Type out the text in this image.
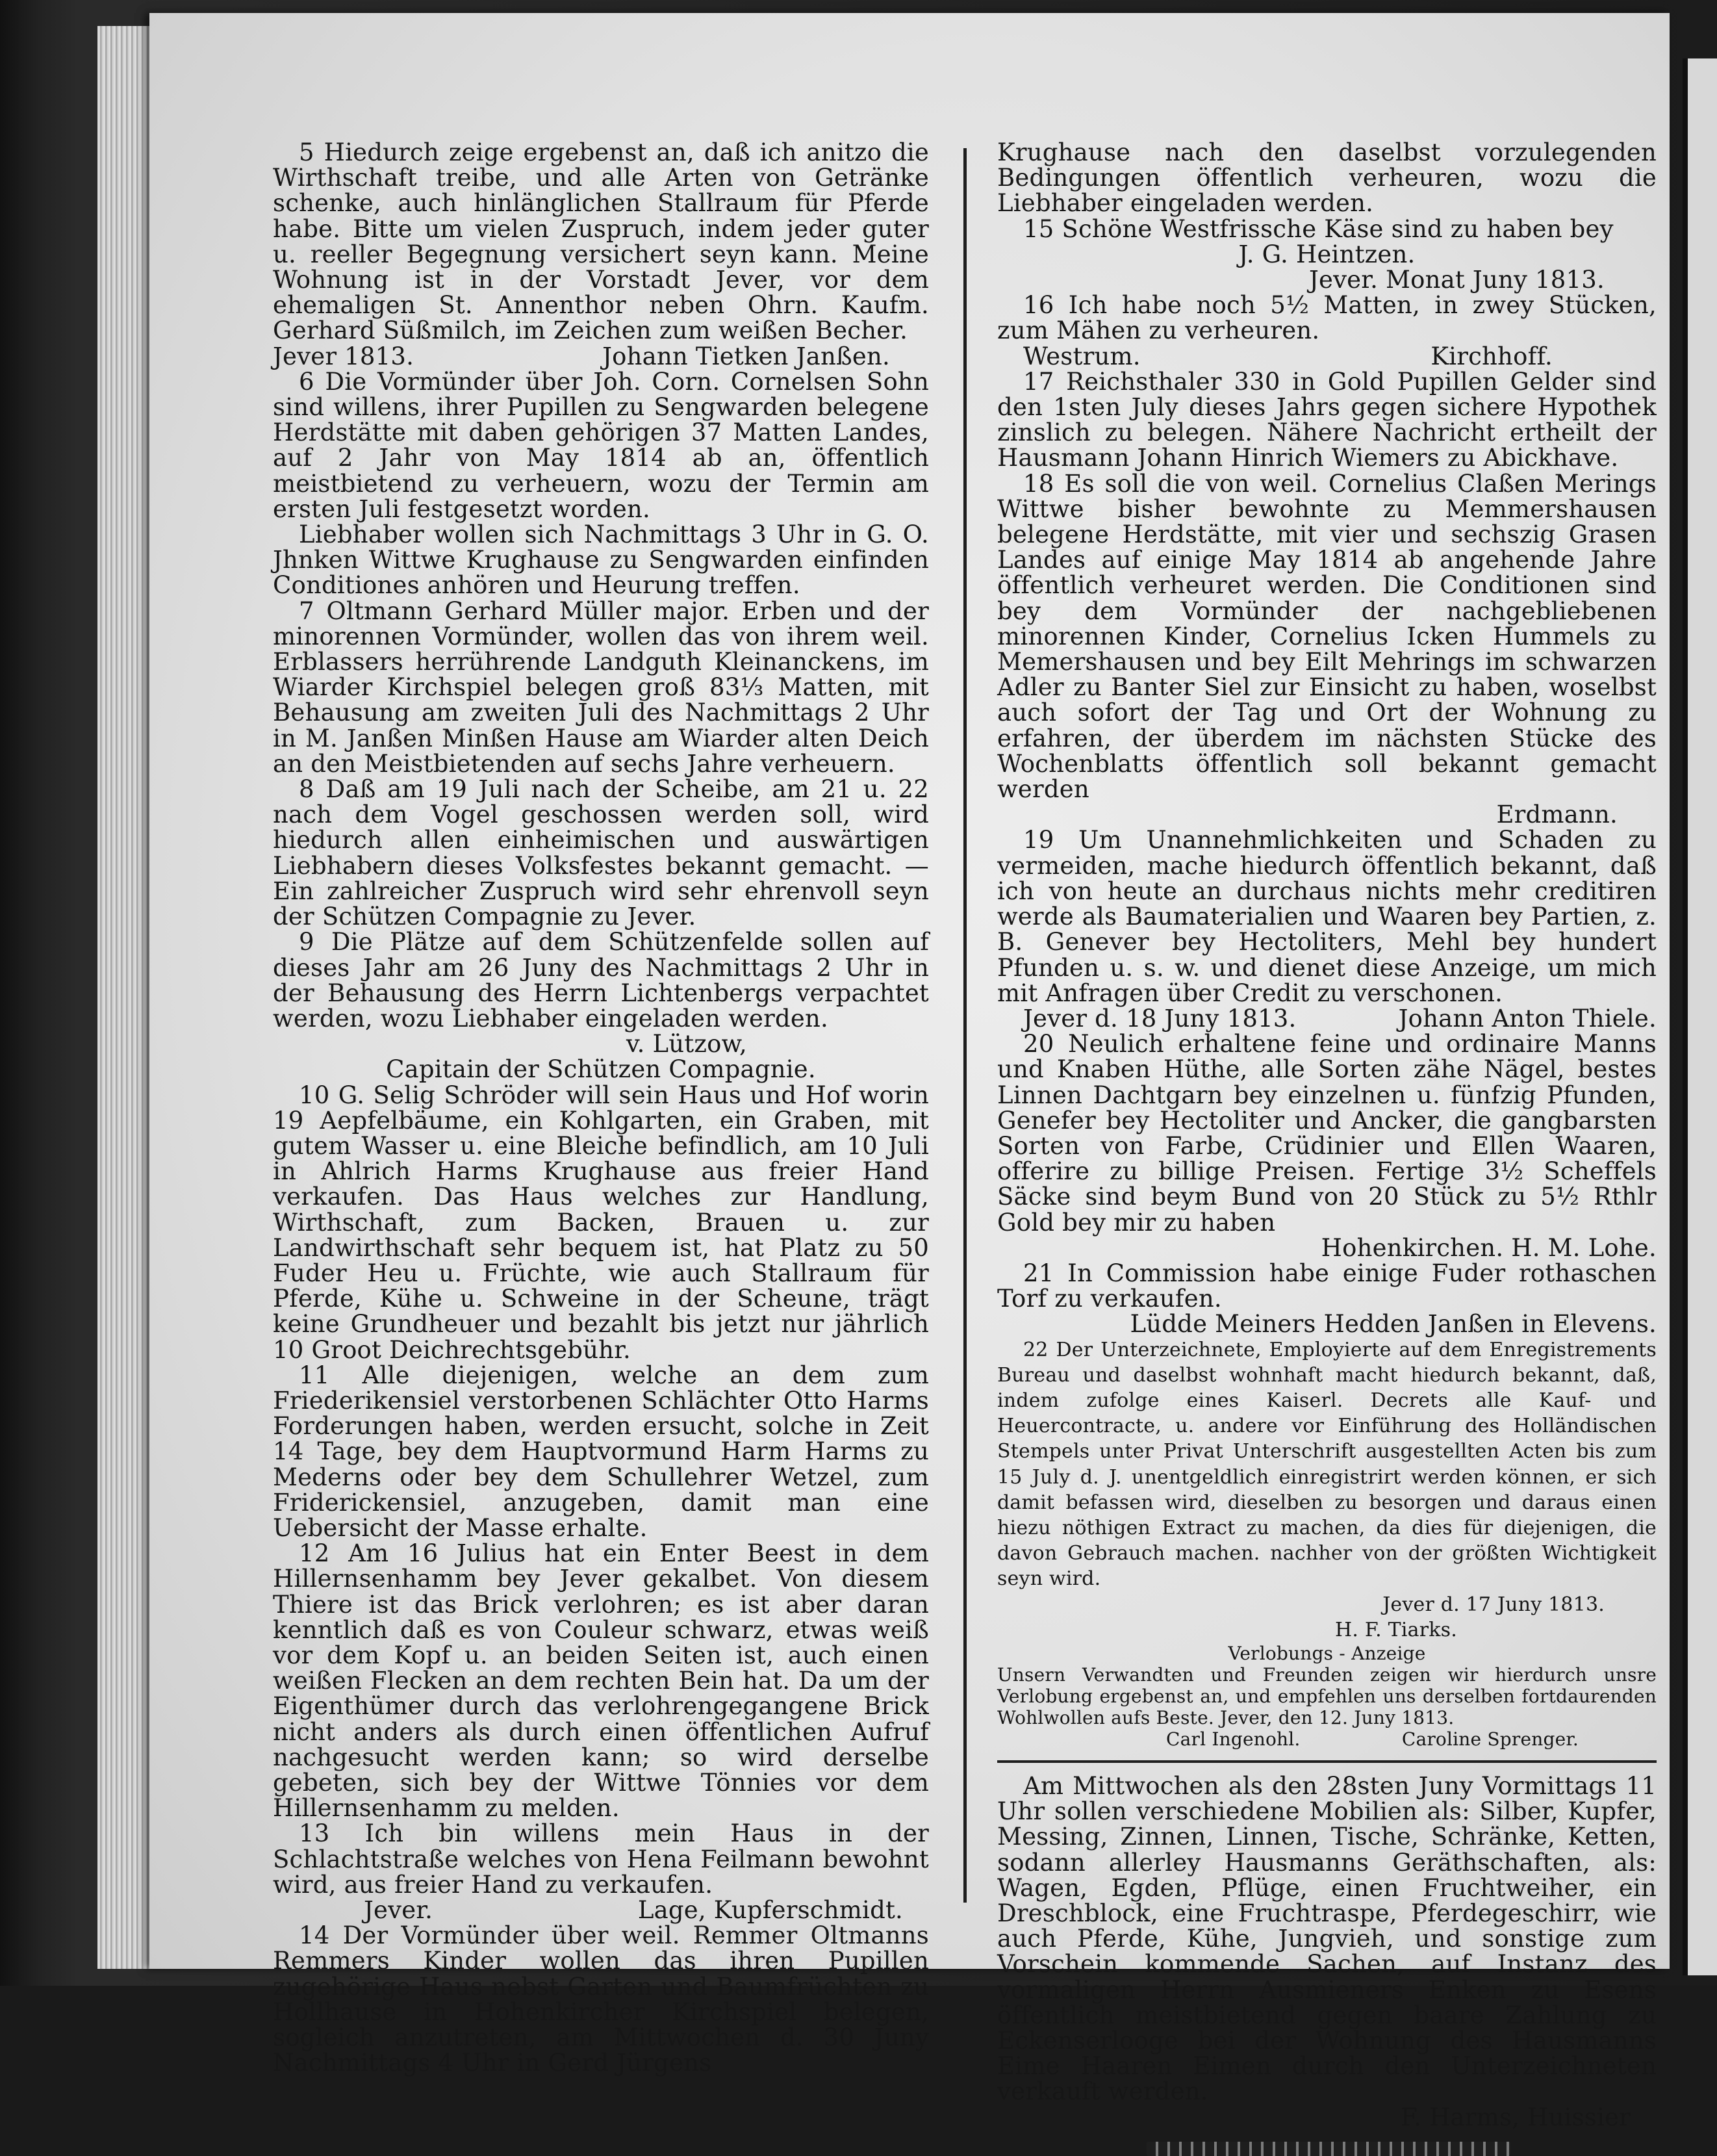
5 Hiedurch zeige ergebenst an, daß ich anitzo die Wirthschaft treibe, und alle Arten von Getränke schenke, auch hinlänglichen Stallraum für Pferde habe. Bitte um vielen Zuspruch, indem jeder guter u. reeller Begegnung versichert seyn kann. Meine Wohnung ist in der Vorstadt Jever, vor dem ehemaligen St. Annenthor neben Ohrn. Kaufm. Gerhard Süßmilch, im Zeichen zum weißen Becher.

Jever 1813.	Johann Tietken Janßen.

6 Die Vormünder über Joh. Corn. Cornelsen Sohn sind willens, ihrer Pupillen zu Sengwarden belegene Herdstätte mit daben gehörigen 37 Matten Landes, auf 2 Jahr von May 1814 ab an, öffentlich meistbietend zu verheuern, wozu der Termin am ersten Juli festgesetzt worden.

Liebhaber wollen sich Nachmittags 3 Uhr in G. O. Jhnken Wittwe Krughause zu Sengwarden einfinden Conditiones anhören und Heurung treffen.

7 Oltmann Gerhard Müller major. Erben und der minorennen Vormünder, wollen das von ihrem weil. Erblassers herrührende Landguth Kleinanckens, im Wiarder Kirchspiel belegen groß 83⅓ Matten, mit Behausung am zweiten Juli des Nachmittags 2 Uhr in M. Janßen Minßen Hause am Wiarder alten Deich an den Meistbietenden auf sechs Jahre verheuern.

8 Daß am 19 Juli nach der Scheibe, am 21 u. 22 nach dem Vogel geschossen werden soll, wird hiedurch allen einheimischen und auswärtigen Liebhabern dieses Volksfestes bekannt gemacht. — Ein zahlreicher Zuspruch wird sehr ehrenvoll seyn der Schützen Compagnie zu Jever.

9 Die Plätze auf dem Schützenfelde sollen auf dieses Jahr am 26 Juny des Nachmittags 2 Uhr in der Behausung des Herrn Lichtenbergs verpachtet werden, wozu Liebhaber eingeladen werden.

v. Lützow,
Capitain der Schützen Compagnie.

10 G. Selig Schröder will sein Haus und Hof worin 19 Aepfelbäume, ein Kohlgarten, ein Graben, mit gutem Wasser u. eine Bleiche befindlich, am 10 Juli in Ahlrich Harms Krughause aus freier Hand verkaufen. Das Haus welches zur Handlung, Wirthschaft, zum Backen, Brauen u. zur Landwirthschaft sehr bequem ist, hat Platz zu 50 Fuder Heu u. Früchte, wie auch Stallraum für Pferde, Kühe u. Schweine in der Scheune, trägt keine Grundheuer und bezahlt bis jetzt nur jährlich 10 Groot Deichrechtsgebühr.

11 Alle diejenigen, welche an dem zum Friederikensiel verstorbenen Schlächter Otto Harms Forderungen haben, werden ersucht, solche in Zeit 14 Tage, bey dem Hauptvormund Harm Harms zu Mederns oder bey dem Schullehrer Wetzel, zum Friderickensiel, anzugeben, damit man eine Uebersicht der Masse erhalte.

12 Am 16 Julius hat ein Enter Beest in dem Hillernsenhamm bey Jever gekalbet. Von diesem Thiere ist das Brick verlohren; es ist aber daran kenntlich daß es von Couleur schwarz, etwas weiß vor dem Kopf u. an beiden Seiten ist, auch einen weißen Flecken an dem rechten Bein hat. Da um der Eigenthümer durch das verlohrengegangene Brick nicht anders als durch einen öffentlichen Aufruf nachgesucht werden kann; so wird derselbe gebeten, sich bey der Wittwe Tönnies vor dem Hillernsenhamm zu melden.

13 Ich bin willens mein Haus in der Schlachtstraße welches von Hena Feilmann bewohnt wird, aus freier Hand zu verkaufen.

Jever.	Lage, Kupferschmidt.

14 Der Vormünder über weil. Remmer Oltmanns Remmers Kinder wollen das ihren Pupillen zugehörige Haus nebst Garten und Baumfrüchten zu Hollhause in Hohenkircher Kirchspiel belegen, sogleich anzutreten, am Mittwochen d. 30 Juny Nachmittags 4 Uhr in Gerd Jürgens

Krughause nach den daselbst vorzulegenden Bedingungen öffentlich verheuren, wozu die Liebhaber eingeladen werden.

15 Schöne Westfrissche Käse sind zu haben bey

J. G. Heintzen.
Jever. Monat Juny 1813.

16 Ich habe noch 5½ Matten, in zwey Stücken, zum Mähen zu verheuren.

Westrum.	Kirchhoff.

17 Reichsthaler 330 in Gold Pupillen Gelder sind den 1sten July dieses Jahrs gegen sichere Hypothek zinslich zu belegen. Nähere Nachricht ertheilt der Hausmann Johann Hinrich Wiemers zu Abickhave.

18 Es soll die von weil. Cornelius Claßen Merings Wittwe bisher bewohnte zu Memmershausen belegene Herdstätte, mit vier und sechszig Grasen Landes auf einige May 1814 ab angehende Jahre öffentlich verheuret werden. Die Conditionen sind bey dem Vormünder der nachgebliebenen minorennen Kinder, Cornelius Icken Hummels zu Memershausen und bey Eilt Mehrings im schwarzen Adler zu Banter Siel zur Einsicht zu haben, woselbst auch sofort der Tag und Ort der Wohnung zu erfahren, der überdem im nächsten Stücke des Wochenblatts öffentlich soll bekannt gemacht werden

Erdmann.

19 Um Unannehmlichkeiten und Schaden zu vermeiden, mache hiedurch öffentlich bekannt, daß ich von heute an durchaus nichts mehr creditiren werde als Baumaterialien und Waaren bey Partien, z. B. Genever bey Hectoliters, Mehl bey hundert Pfunden u. s. w. und dienet diese Anzeige, um mich mit Anfragen über Credit zu verschonen.

Jever d. 18 Juny 1813.	Johann Anton Thiele.

20 Neulich erhaltene feine und ordinaire Manns und Knaben Hüthe, alle Sorten zähe Nägel, bestes Linnen Dachtgarn bey einzelnen u. fünfzig Pfunden, Genefer bey Hectoliter und Ancker, die gangbarsten Sorten von Farbe, Crüdinier und Ellen Waaren, offerire zu billige Preisen. Fertige 3½ Scheffels Säcke sind beym Bund von 20 Stück zu 5½ Rthlr Gold bey mir zu haben

Hohenkirchen. H. M. Lohe.

21 In Commission habe einige Fuder rothaschen Torf zu verkaufen.

Lüdde Meiners Hedden Janßen in Elevens.

22 Der Unterzeichnete, Employierte auf dem Enregistrements Bureau und daselbst wohnhaft macht hiedurch bekannt, daß, indem zufolge eines Kaiserl. Decrets alle Kauf- und Heuercontracte, u. andere vor Einführung des Holländischen Stempels unter Privat Unterschrift ausgestellten Acten bis zum 15 July d. J. unentgeldlich einregistrirt werden können, er sich damit befassen wird, dieselben zu besorgen und daraus einen hiezu nöthigen Extract zu machen, da dies für diejenigen, die davon Gebrauch machen. nachher von der größten Wichtigkeit seyn wird.

Jever d. 17 Juny 1813.
H. F. Tiarks.
Verlobungs - Anzeige

Unsern Verwandten und Freunden zeigen wir hierdurch unsre Verlobung ergebenst an, und empfehlen uns derselben fortdaurenden Wohlwollen aufs Beste. Jever, den 12. Juny 1813.

Carl Ingenohl.	Caroline Sprenger.

Am Mittwochen als den 28sten Juny Vormittags 11 Uhr sollen verschiedene Mobilien als: Silber, Kupfer, Messing, Zinnen, Linnen, Tische, Schränke, Ketten, sodann allerley Hausmanns Geräthschaften, als: Wagen, Egden, Pflüge, einen Fruchtweiher, ein Dreschblock, eine Fruchtraspe, Pferdegeschirr, wie auch Pferde, Kühe, Jungvieh, und sonstige zum Vorschein kommende Sachen, auf Instanz des vormaligen Herrn Ausmieners Enken zu Esens öffentlich meistbietend gegen baare Zahlung zu Eckenserlooge bei der Wohnung des Hausmanns Eime Haaren Eimen durch den Unterzeichneten verkauft werden.

F. Harms, Huissier
